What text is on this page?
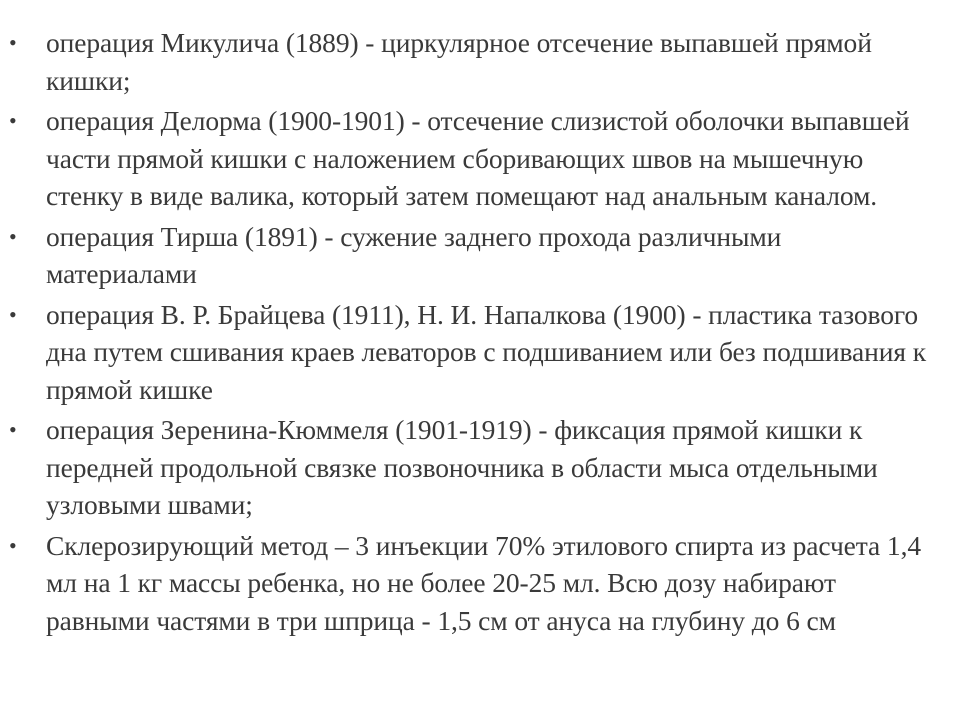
• операция Микулича (1889) - циркулярное отсечение выпавшей прямой кишки;
• операция Делорма (1900-1901) - отсечение слизистой оболочки выпавшей части прямой кишки с наложением сборивающих швов на мышечную стенку в виде валика, который затем помещают над анальным каналом.
• операция Тирша (1891) - сужение заднего прохода различными материалами
• операция В. Р. Брайцева (1911), Н. И. Напалкова (1900) - пластика тазового дна путем сшивания краев леваторов с подшиванием или без подшивания к прямой кишке
• операция Зеренина-Кюммеля (1901-1919) - фиксация прямой кишки к передней продольной связке позвоночника в области мыса отдельными узловыми швами;
• Склерозирующий метод – 3 инъекции 70% этилового спирта из расчета 1,4 мл на 1 кг массы ребенка, но не более 20-25 мл. Всю дозу набирают равными частями в три шприца - 1,5 см от ануса на глубину до 6 см
